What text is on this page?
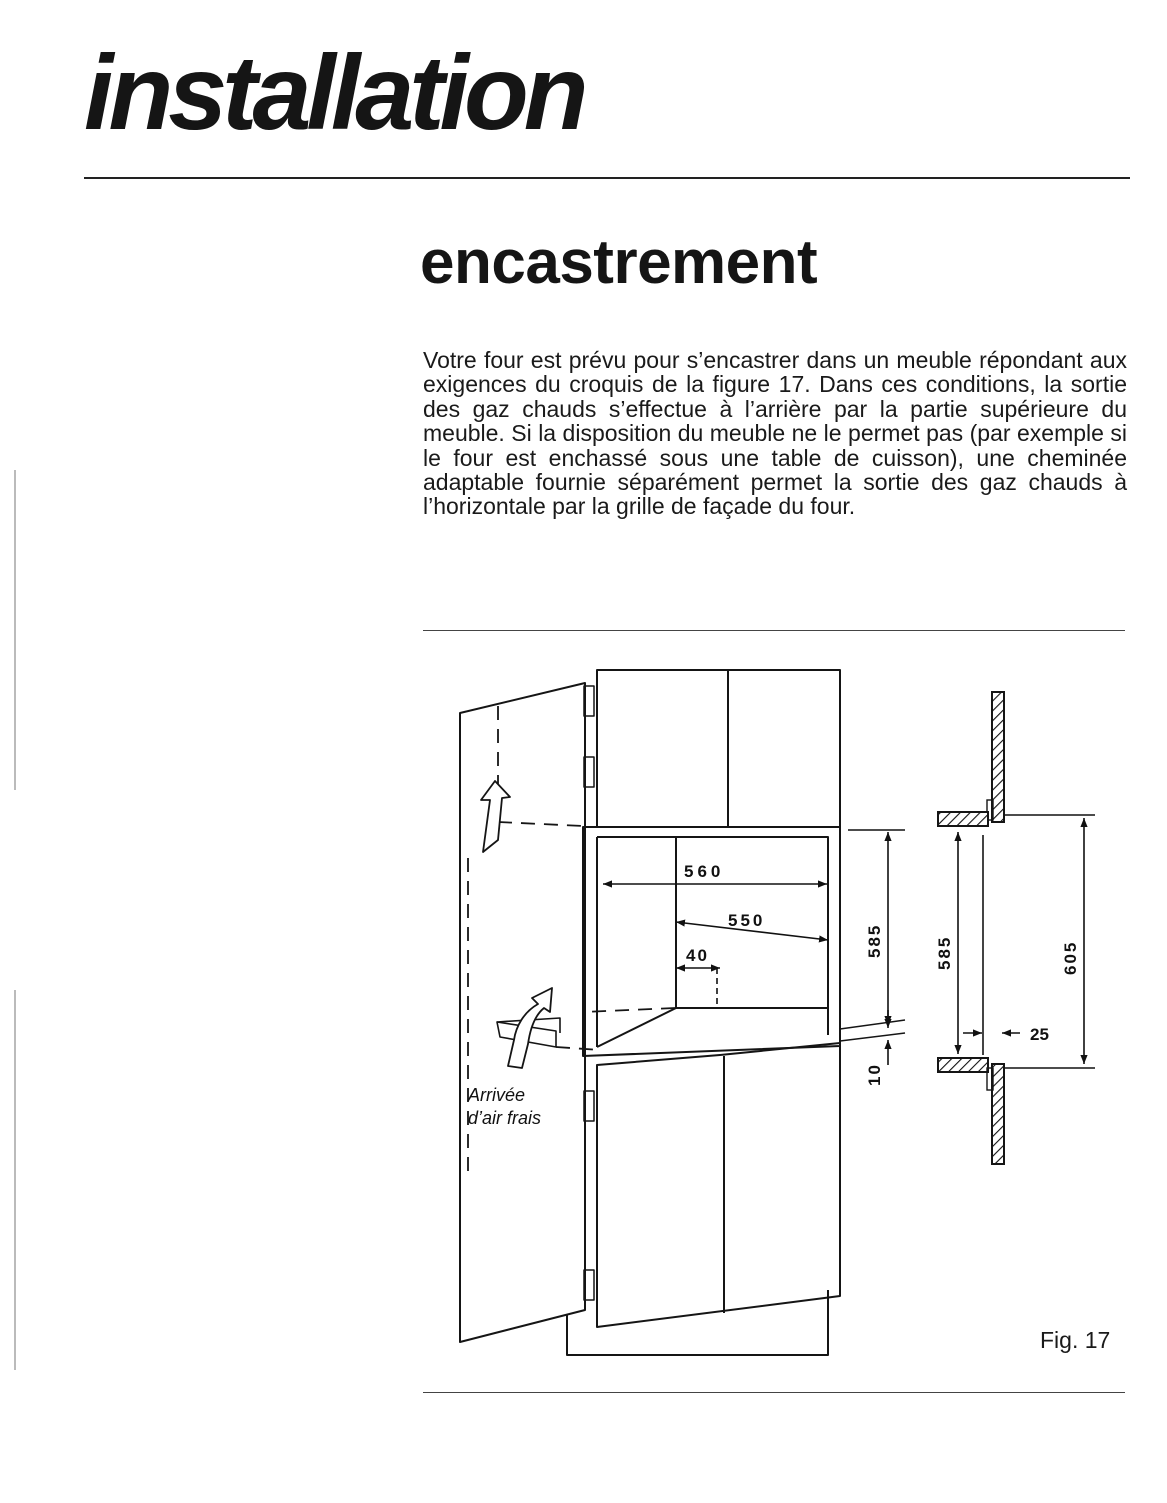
installation
encastrement

Votre four est prévu pour s’encastrer dans un meuble répondant aux exigences du croquis de la figure 17. Dans ces conditions, la sortie des gaz chauds s’effectue à l’arrière par la partie supérieure du meuble. Si la disposition du meuble ne le permet pas (par exemple si le four est enchassé sous une table de cuisson), une cheminée adaptable fournie séparément permet la sortie des gaz chauds à l’horizontale par la grille de façade du four.

560
550
40	585
10
585	605
25
Arrivée
d’air frais
Fig. 17
